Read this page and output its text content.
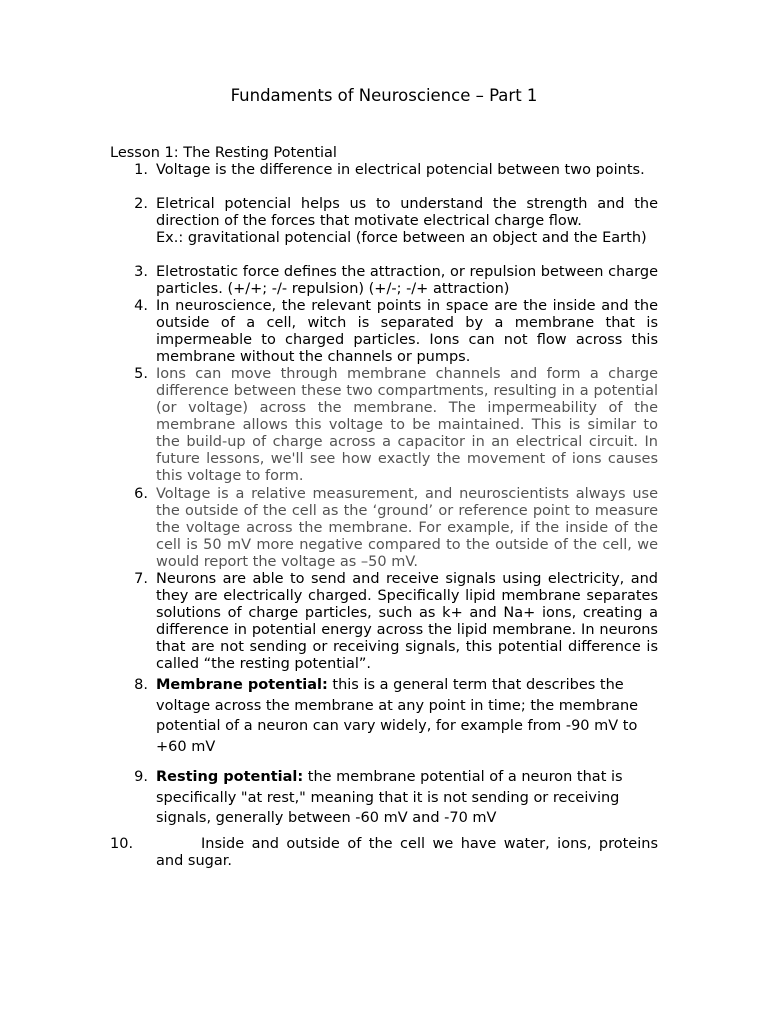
Fundaments of Neuroscience – Part 1
Lesson 1: The Resting Potential
1. Voltage is the difference in electrical potencial between two points.

2. Eletrical potencial helps us to understand the strength and the direction of the forces that motivate electrical charge flow.

Ex.: gravitational potencial (force between an object and the Earth)

3. Eletrostatic force defines the attraction, or repulsion between charge particles. (+/+; -/- repulsion) (+/-; -/+ attraction)

4. In neuroscience, the relevant points in space are the inside and the outside of a cell, witch is separated by a membrane that is impermeable to charged particles. Ions can not flow across this membrane without the channels or pumps.

5. Ions can move through membrane channels and form a charge difference between these two compartments, resulting in a potential (or voltage) across the membrane. The impermeability of the membrane allows this voltage to be maintained. This is similar to the build-up of charge across a capacitor in an electrical circuit. In future lessons, we'll see how exactly the movement of ions causes this voltage to form.

6. Voltage is a relative measurement, and neuroscientists always use the outside of the cell as the ‘ground’ or reference point to measure the voltage across the membrane. For example, if the inside of the cell is 50 mV more negative compared to the outside of the cell, we would report the voltage as –50 mV.

7. Neurons are able to send and receive signals using electricity, and they are electrically charged. Specifically lipid membrane separates solutions of charge particles, such as k+ and Na+ ions, creating a difference in potential energy across the lipid membrane. In neurons that are not sending or receiving signals, this potential difference is called “the resting potential”.

8. Membrane potential: this is a general term that describes the voltage across the membrane at any point in time; the membrane potential of a neuron can vary widely, for example from -90 mV to +60 mV

9. Resting potential: the membrane potential of a neuron that is specifically "at rest," meaning that it is not sending or receiving signals, generally between -60 mV and -70 mV

10.	Inside and outside of the cell we have water, ions, proteins and sugar.
